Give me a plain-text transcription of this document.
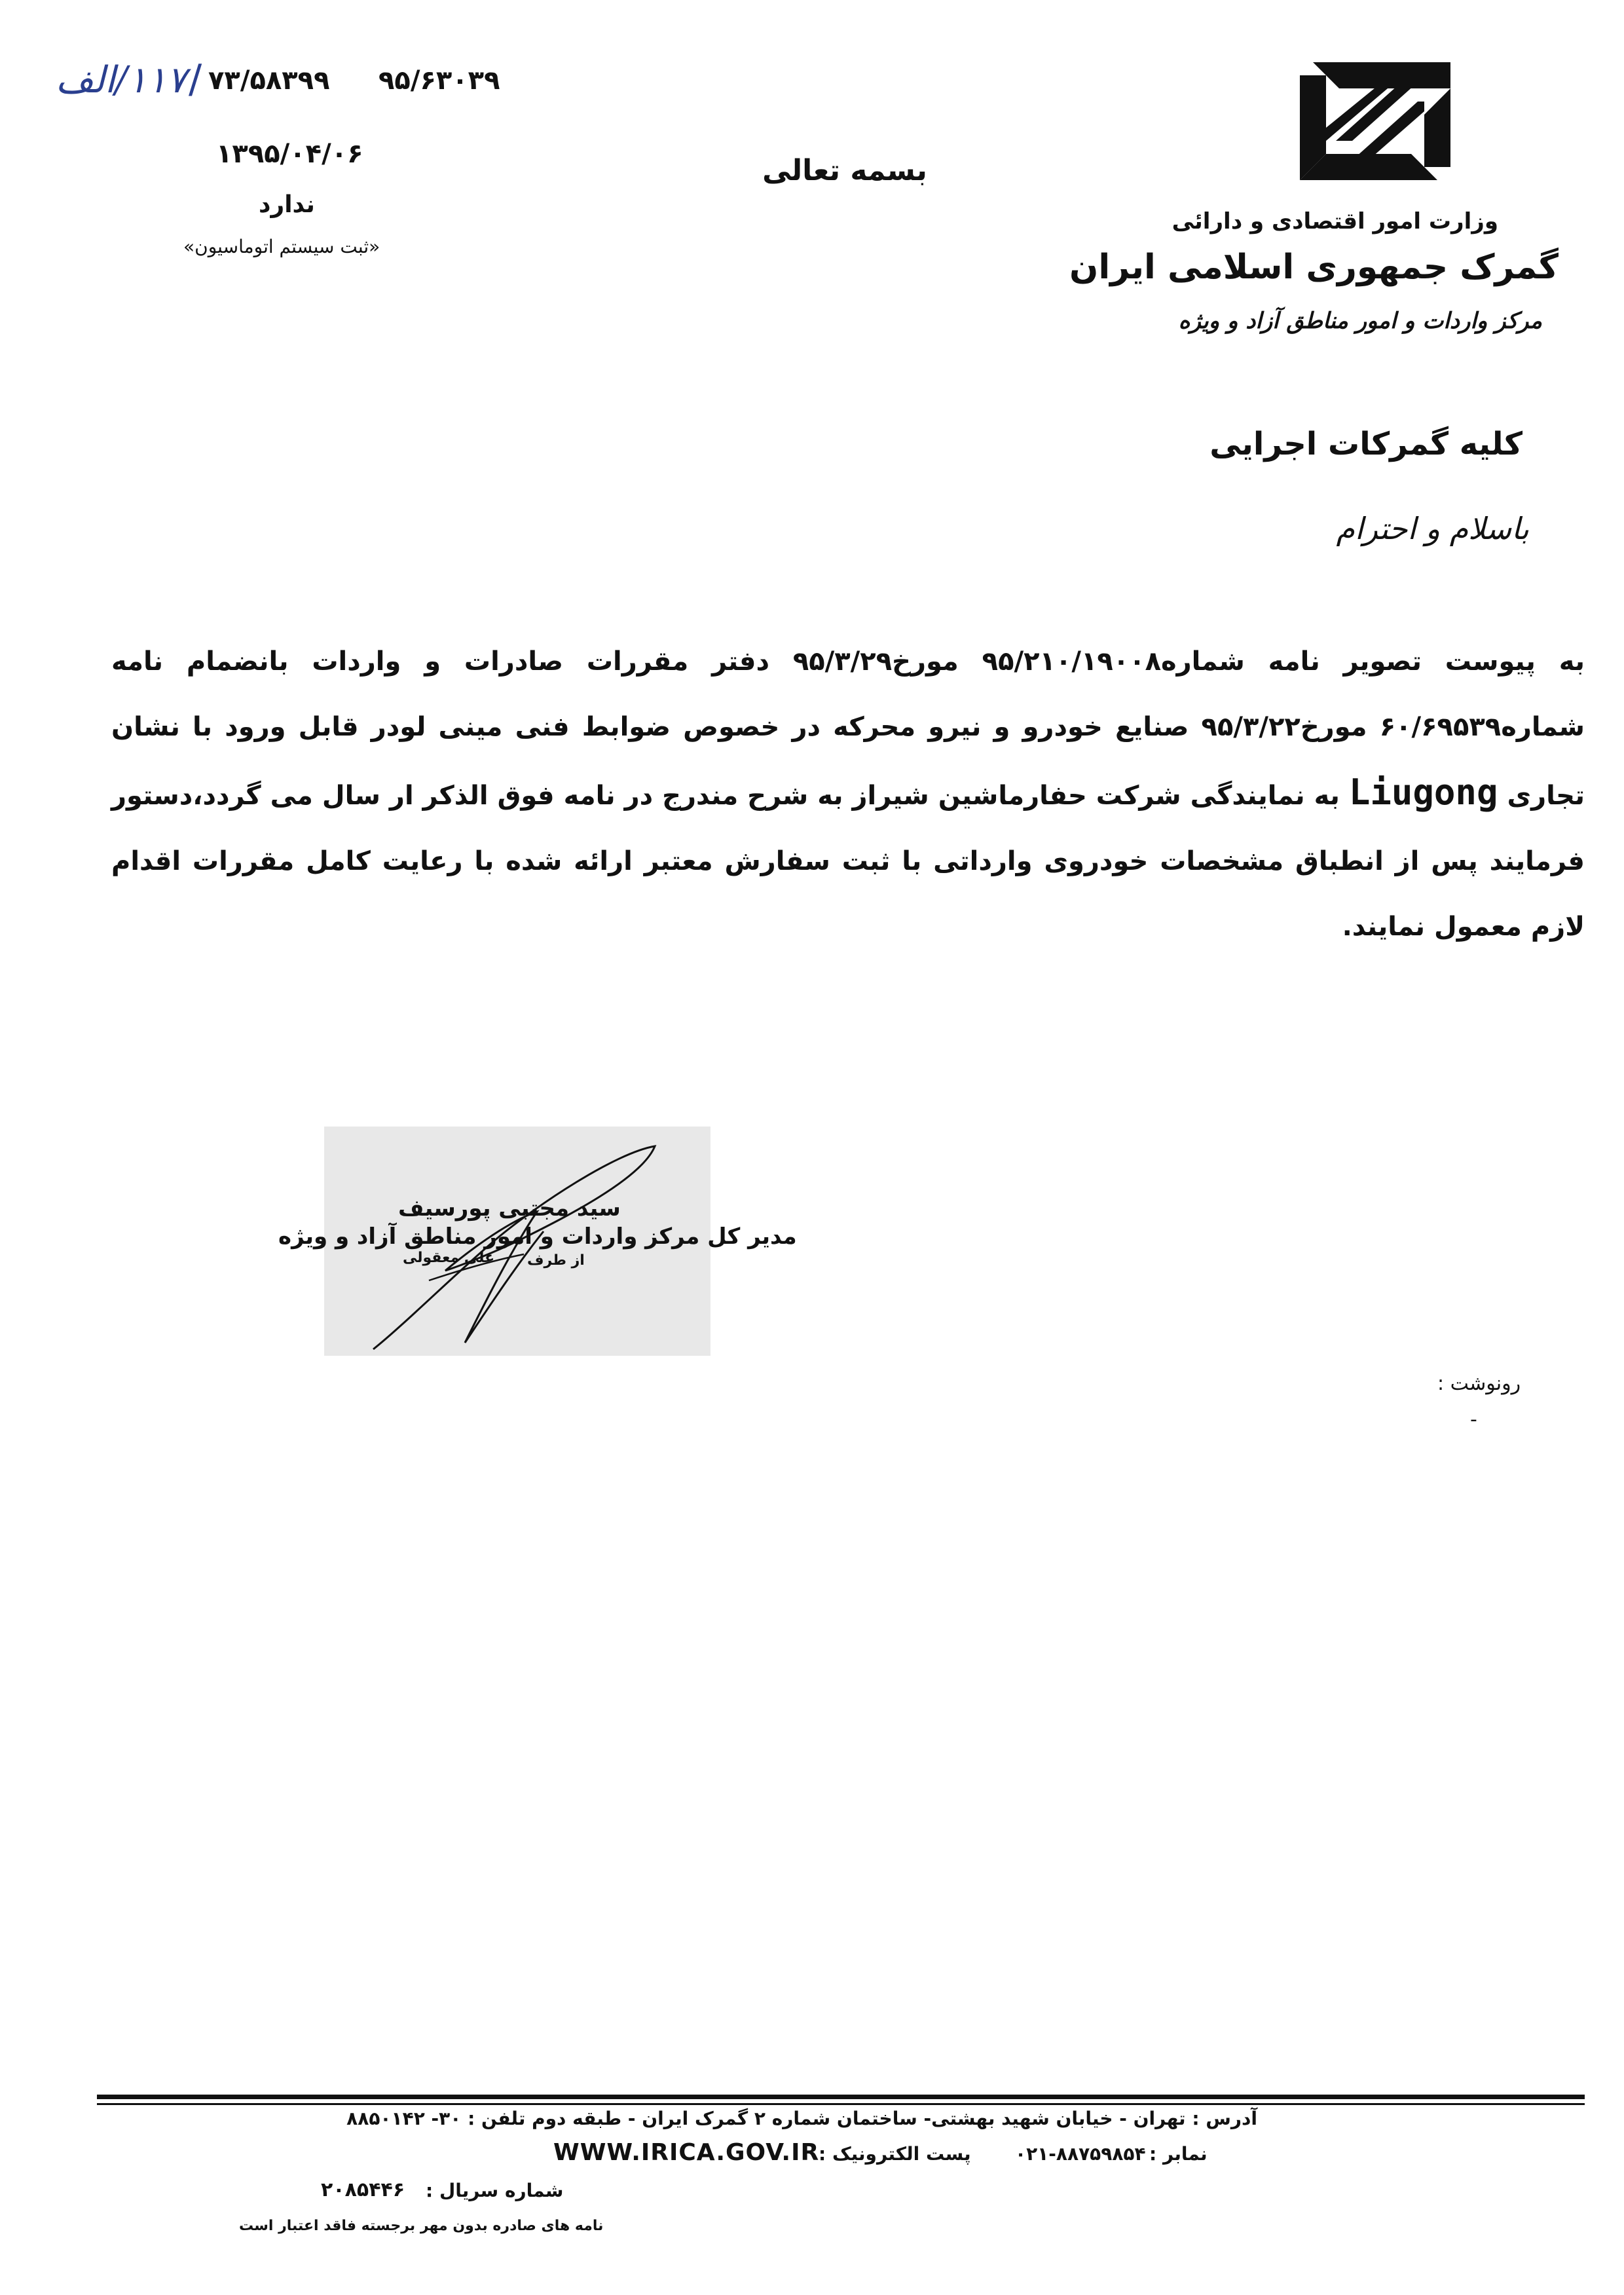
وزارت امور اقتصادی و دارائی
گمرک جمهوری اسلامی ایران
مرکز واردات و امور مناطق آزاد و ویژه
بسمه تعالی
۱۱۷/الف / ۷۳/۵۸۳۹۹ ۹۵/۶۳۰۳۹
۱۳۹۵/۰۴/۰۶
ندارد
«ثبت سیستم اتوماسیون»
کلیه گمرکات اجرایی
باسلام و احترام
به پیوست تصویر نامه شماره۹۵/۲۱۰/۱۹۰۰۸ مورخ۹۵/۳/۲۹ دفتر مقررات صادرات و واردات بانضمام نامه شماره۶۰/۶۹۵۳۹ مورخ۹۵/۳/۲۲ صنایع خودرو و نیرو محرکه در خصوص ضوابط فنی مینی لودر قابل ورود با نشان تجاری Liugong به نمایندگی شرکت حفارماشین شیراز به شرح مندرج در نامه فوق الذکر ار سال می گردد،دستور فرمایند پس از انطباق مشخصات خودروی وارداتی با ثبت سفارش معتبر ارائه شده با رعایت کامل مقررات اقدام لازم معمول نمایند.
سید مجتبی پورسیف
مدیر کل مرکز واردات و امور مناطق آزاد و ویژه
از طرف
علی معقولی
رونوشت :
-
آدرس : تهران - خیابان شهید بهشتی- ساختمان شماره ۲ گمرک ایران - طبقه دوم تلفن : ۳۰- ۸۸۵۰۱۴۲
نمابر :
۰۲۱-۸۸۷۵۹۸۵۴
پست الکترونیک :
WWW.IRICA.GOV.IR
شماره سریال :
۲۰۸۵۴۴۶
نامه های صادره بدون مهر برجسته فاقد اعتبار است
